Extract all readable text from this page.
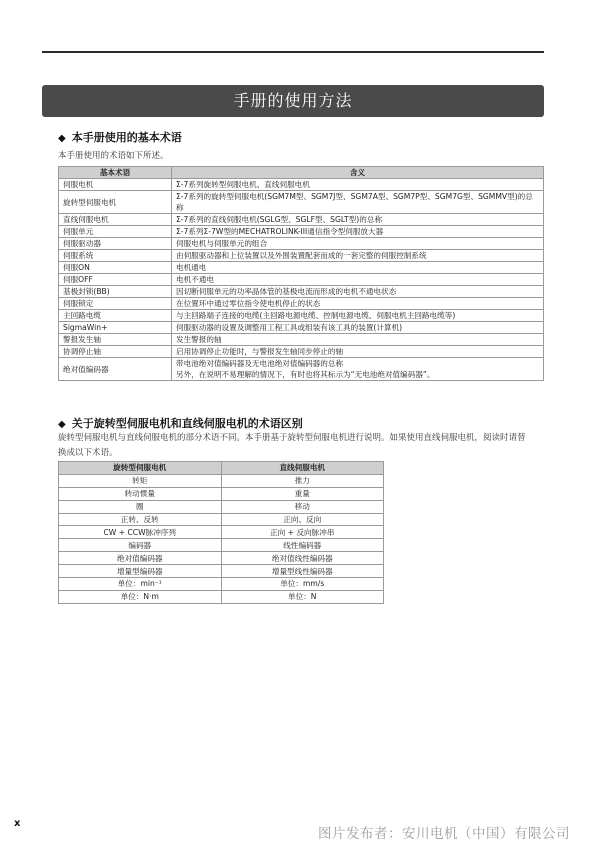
手册的使用方法
◆ 本手册使用的基本术语
本手册使用的术语如下所述。
基本术语	含义
伺服电机	Σ-7系列旋转型伺服电机、直线伺服电机
旋转型伺服电机	Σ-7系列的旋转型伺服电机(SGM7M型、SGM7J型、SGM7A型、SGM7P型、SGM7G型、SGMMV型)的总称
直线伺服电机	Σ-7系列的直线伺服电机(SGLG型、SGLF型、SGLT型)的总称
伺服单元	Σ-7系列Σ-7W型的MECHATROLINK-III通信指令型伺服放大器
伺服驱动器	伺服电机与伺服单元的组合
伺服系统	由伺服驱动器和上位装置以及外围装置配套而成的一套完整的伺服控制系统
伺服ON	电机通电
伺服OFF	电机不通电
基极封锁(BB)	因切断伺服单元的功率晶体管的基极电流而形成的电机不通电状态
伺服锁定	在位置环中通过零位指令使电机停止的状态
主回路电缆	与主回路端子连接的电缆(主回路电源电缆、控制电源电缆、伺服电机主回路电缆等)
SigmaWin+	伺服驱动器的设置及调整用工程工具或组装有该工具的装置(计算机)
警报发生轴	发生警报的轴
协调停止轴	启用协调停止功能时，与警报发生轴同步停止的轴
绝对值编码器	带电池绝对值编码器及无电池绝对值编码器的总称
另外，在说明不易理解的情况下，有时也将其标示为“无电池绝对值编码器”。
◆ 关于旋转型伺服电机和直线伺服电机的术语区别
旋转型伺服电机与直线伺服电机的部分术语不同。本手册基于旋转型伺服电机进行说明。如果使用直线伺服电机，阅读时请替换成以下术语。
旋转型伺服电机	直线伺服电机
转矩	推力
转动惯量	重量
圈	移动
正转、反转	正向、反向
CW + CCW脉冲序列	正向 + 反向脉冲串
编码器	线性编码器
绝对值编码器	绝对值线性编码器
增量型编码器	增量型线性编码器
单位：min⁻¹	单位：mm/s
单位：N·m	单位：N
x
图片发布者：安川电机（中国）有限公司
